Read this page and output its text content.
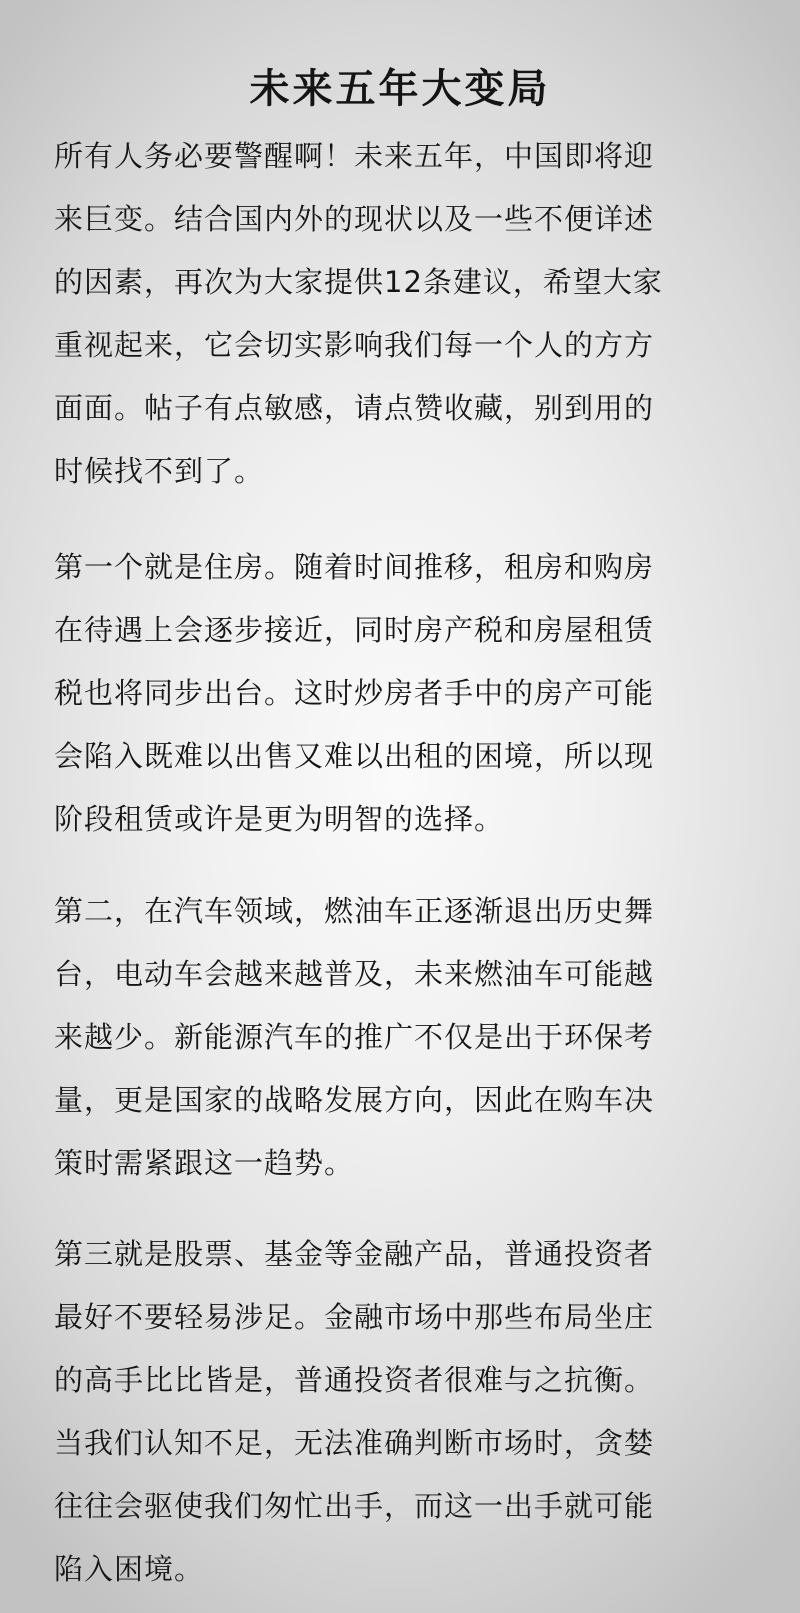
未来五年大变局

所有人务必要警醒啊！未来五年，中国即将迎
来巨变。结合国内外的现状以及一些不便详述
的因素，再次为大家提供12条建议，希望大家
重视起来，它会切实影响我们每一个人的方方
面面。帖子有点敏感，请点赞收藏，别到用的
时候找不到了。

第一个就是住房。随着时间推移，租房和购房
在待遇上会逐步接近，同时房产税和房屋租赁
税也将同步出台。这时炒房者手中的房产可能
会陷入既难以出售又难以出租的困境，所以现
阶段租赁或许是更为明智的选择。

第二，在汽车领域，燃油车正逐渐退出历史舞
台，电动车会越来越普及，未来燃油车可能越
来越少。新能源汽车的推广不仅是出于环保考
量，更是国家的战略发展方向，因此在购车决
策时需紧跟这一趋势。

第三就是股票、基金等金融产品，普通投资者
最好不要轻易涉足。金融市场中那些布局坐庄
的高手比比皆是，普通投资者很难与之抗衡。
当我们认知不足，无法准确判断市场时，贪婪
往往会驱使我们匆忙出手，而这一出手就可能
陷入困境。
